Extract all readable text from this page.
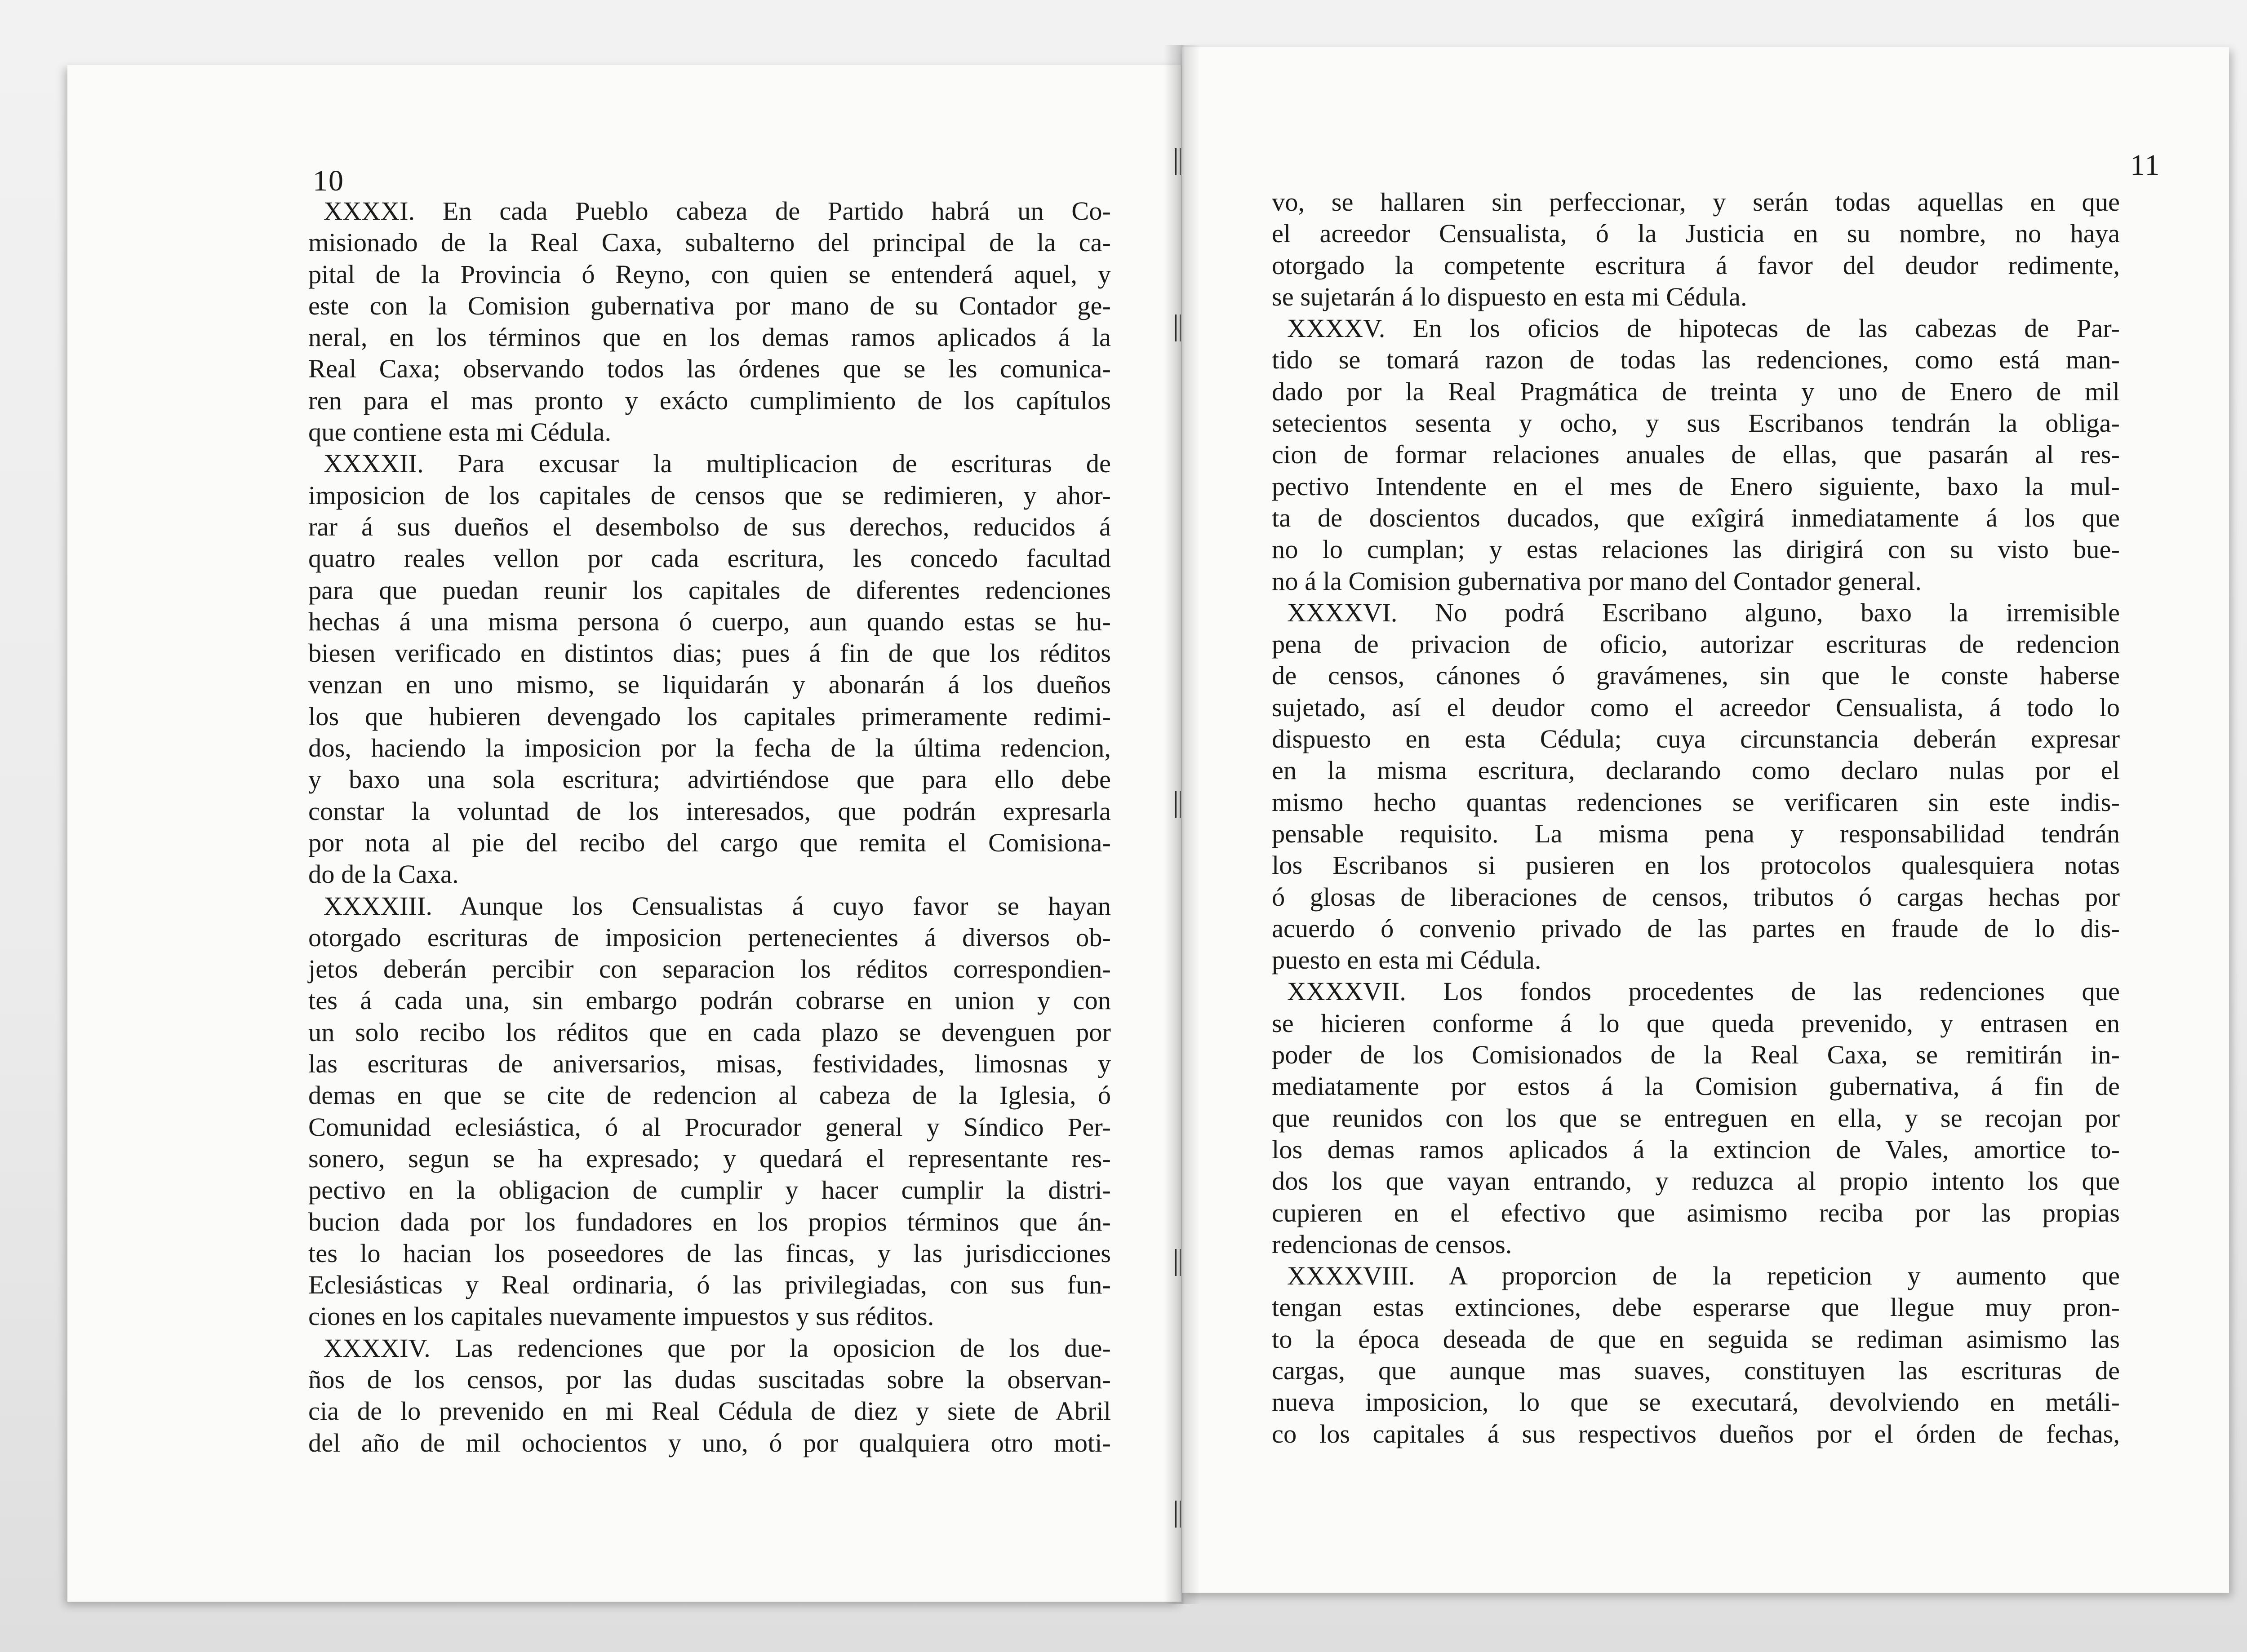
10
XXXXI. En cada Pueblo cabeza de Partido habrá un Co-
misionado de la Real Caxa, subalterno del principal de la ca-
pital de la Provincia ó Reyno, con quien se entenderá aquel, y
este con la Comision gubernativa por mano de su Contador ge-
neral, en los términos que en los demas ramos aplicados á la
Real Caxa; observando todos las órdenes que se les comunica-
ren para el mas pronto y exácto cumplimiento de los capítulos
que contiene esta mi Cédula.
XXXXII. Para excusar la multiplicacion de escrituras de
imposicion de los capitales de censos que se redimieren, y ahor-
rar á sus dueños el desembolso de sus derechos, reducidos á
quatro reales vellon por cada escritura, les concedo facultad
para que puedan reunir los capitales de diferentes redenciones
hechas á una misma persona ó cuerpo, aun quando estas se hu-
biesen verificado en distintos dias; pues á fin de que los réditos
venzan en uno mismo, se liquidarán y abonarán á los dueños
los que hubieren devengado los capitales primeramente redimi-
dos, haciendo la imposicion por la fecha de la última redencion,
y baxo una sola escritura; advirtiéndose que para ello debe
constar la voluntad de los interesados, que podrán expresarla
por nota al pie del recibo del cargo que remita el Comisiona-
do de la Caxa.
XXXXIII. Aunque los Censualistas á cuyo favor se hayan
otorgado escrituras de imposicion pertenecientes á diversos ob-
jetos deberán percibir con separacion los réditos correspondien-
tes á cada una, sin embargo podrán cobrarse en union y con
un solo recibo los réditos que en cada plazo se devenguen por
las escrituras de aniversarios, misas, festividades, limosnas y
demas en que se cite de redencion al cabeza de la Iglesia, ó
Comunidad eclesiástica, ó al Procurador general y Síndico Per-
sonero, segun se ha expresado; y quedará el representante res-
pectivo en la obligacion de cumplir y hacer cumplir la distri-
bucion dada por los fundadores en los propios términos que án-
tes lo hacian los poseedores de las fincas, y las jurisdicciones
Eclesiásticas y Real ordinaria, ó las privilegiadas, con sus fun-
ciones en los capitales nuevamente impuestos y sus réditos.
XXXXIV. Las redenciones que por la oposicion de los due-
ños de los censos, por las dudas suscitadas sobre la observan-
cia de lo prevenido en mi Real Cédula de diez y siete de Abril
del año de mil ochocientos y uno, ó por qualquiera otro moti-
11
vo, se hallaren sin perfeccionar, y serán todas aquellas en que
el acreedor Censualista, ó la Justicia en su nombre, no haya
otorgado la competente escritura á favor del deudor redimente,
se sujetarán á lo dispuesto en esta mi Cédula.
XXXXV. En los oficios de hipotecas de las cabezas de Par-
tido se tomará razon de todas las redenciones, como está man-
dado por la Real Pragmática de treinta y uno de Enero de mil
setecientos sesenta y ocho, y sus Escribanos tendrán la obliga-
cion de formar relaciones anuales de ellas, que pasarán al res-
pectivo Intendente en el mes de Enero siguiente, baxo la mul-
ta de doscientos ducados, que exîgirá inmediatamente á los que
no lo cumplan; y estas relaciones las dirigirá con su visto bue-
no á la Comision gubernativa por mano del Contador general.
XXXXVI. No podrá Escribano alguno, baxo la irremisible
pena de privacion de oficio, autorizar escrituras de redencion
de censos, cánones ó gravámenes, sin que le conste haberse
sujetado, así el deudor como el acreedor Censualista, á todo lo
dispuesto en esta Cédula; cuya circunstancia deberán expresar
en la misma escritura, declarando como declaro nulas por el
mismo hecho quantas redenciones se verificaren sin este indis-
pensable requisito. La misma pena y responsabilidad tendrán
los Escribanos si pusieren en los protocolos qualesquiera notas
ó glosas de liberaciones de censos, tributos ó cargas hechas por
acuerdo ó convenio privado de las partes en fraude de lo dis-
puesto en esta mi Cédula.
XXXXVII. Los fondos procedentes de las redenciones que
se hicieren conforme á lo que queda prevenido, y entrasen en
poder de los Comisionados de la Real Caxa, se remitirán in-
mediatamente por estos á la Comision gubernativa, á fin de
que reunidos con los que se entreguen en ella, y se recojan por
los demas ramos aplicados á la extincion de Vales, amortice to-
dos los que vayan entrando, y reduzca al propio intento los que
cupieren en el efectivo que asimismo reciba por las propias
redencionas de censos.
XXXXVIII. A proporcion de la repeticion y aumento que
tengan estas extinciones, debe esperarse que llegue muy pron-
to la época deseada de que en seguida se rediman asimismo las
cargas, que aunque mas suaves, constituyen las escrituras de
nueva imposicion, lo que se executará, devolviendo en metáli-
co los capitales á sus respectivos dueños por el órden de fechas,
